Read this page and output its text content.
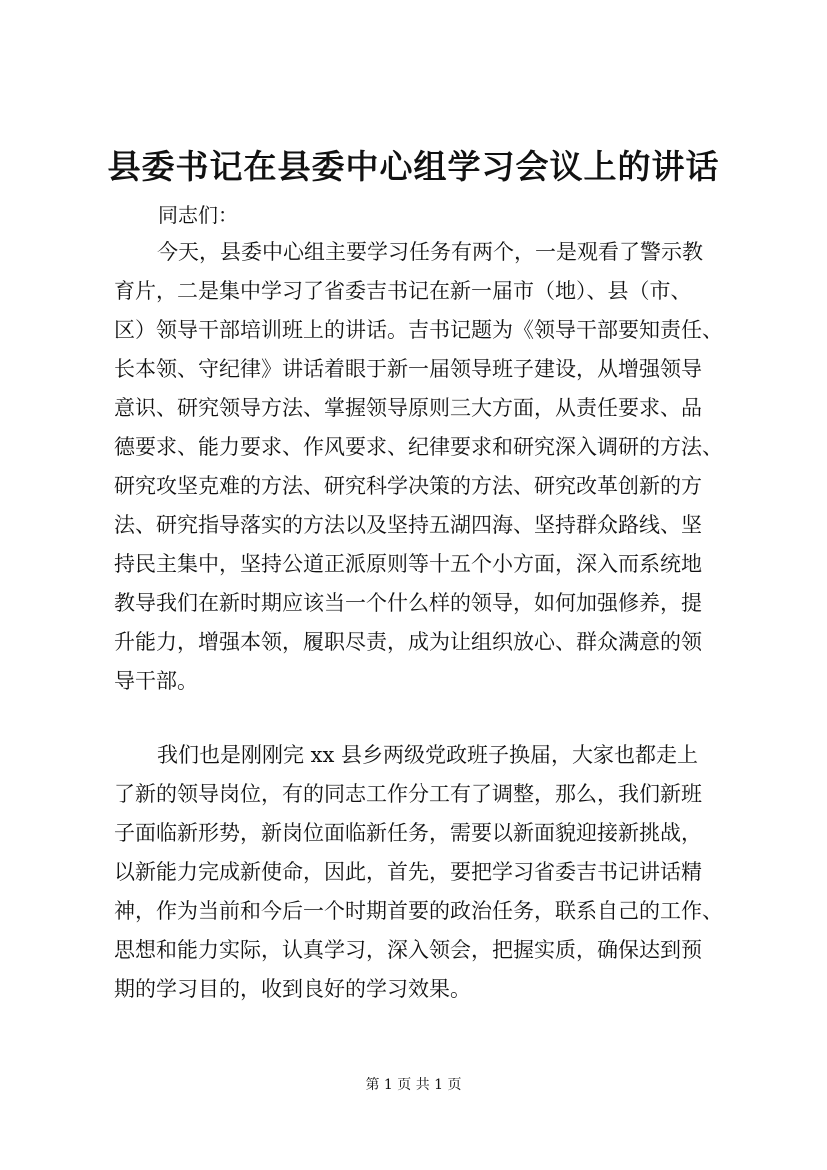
县委书记在县委中心组学习会议上的讲话
同志们：
今天，县委中心组主要学习任务有两个，一是观看了警示教
育片，二是集中学习了省委吉书记在新一届市（地）、县（市、
区）领导干部培训班上的讲话。吉书记题为《领导干部要知责任、
长本领、守纪律》讲话着眼于新一届领导班子建设，从增强领导
意识、研究领导方法、掌握领导原则三大方面，从责任要求、品
德要求、能力要求、作风要求、纪律要求和研究深入调研的方法、
研究攻坚克难的方法、研究科学决策的方法、研究改革创新的方
法、研究指导落实的方法以及坚持五湖四海、坚持群众路线、坚
持民主集中，坚持公道正派原则等十五个小方面，深入而系统地
教导我们在新时期应该当一个什么样的领导，如何加强修养，提
升能力，增强本领，履职尽责，成为让组织放心、群众满意的领
导干部。
我们也是刚刚完 xx 县乡两级党政班子换届，大家也都走上
了新的领导岗位，有的同志工作分工有了调整，那么，我们新班
子面临新形势，新岗位面临新任务，需要以新面貌迎接新挑战，
以新能力完成新使命，因此，首先，要把学习省委吉书记讲话精
神，作为当前和今后一个时期首要的政治任务，联系自己的工作、
思想和能力实际，认真学习，深入领会，把握实质，确保达到预
期的学习目的，收到良好的学习效果。
第 1 页 共 1 页
